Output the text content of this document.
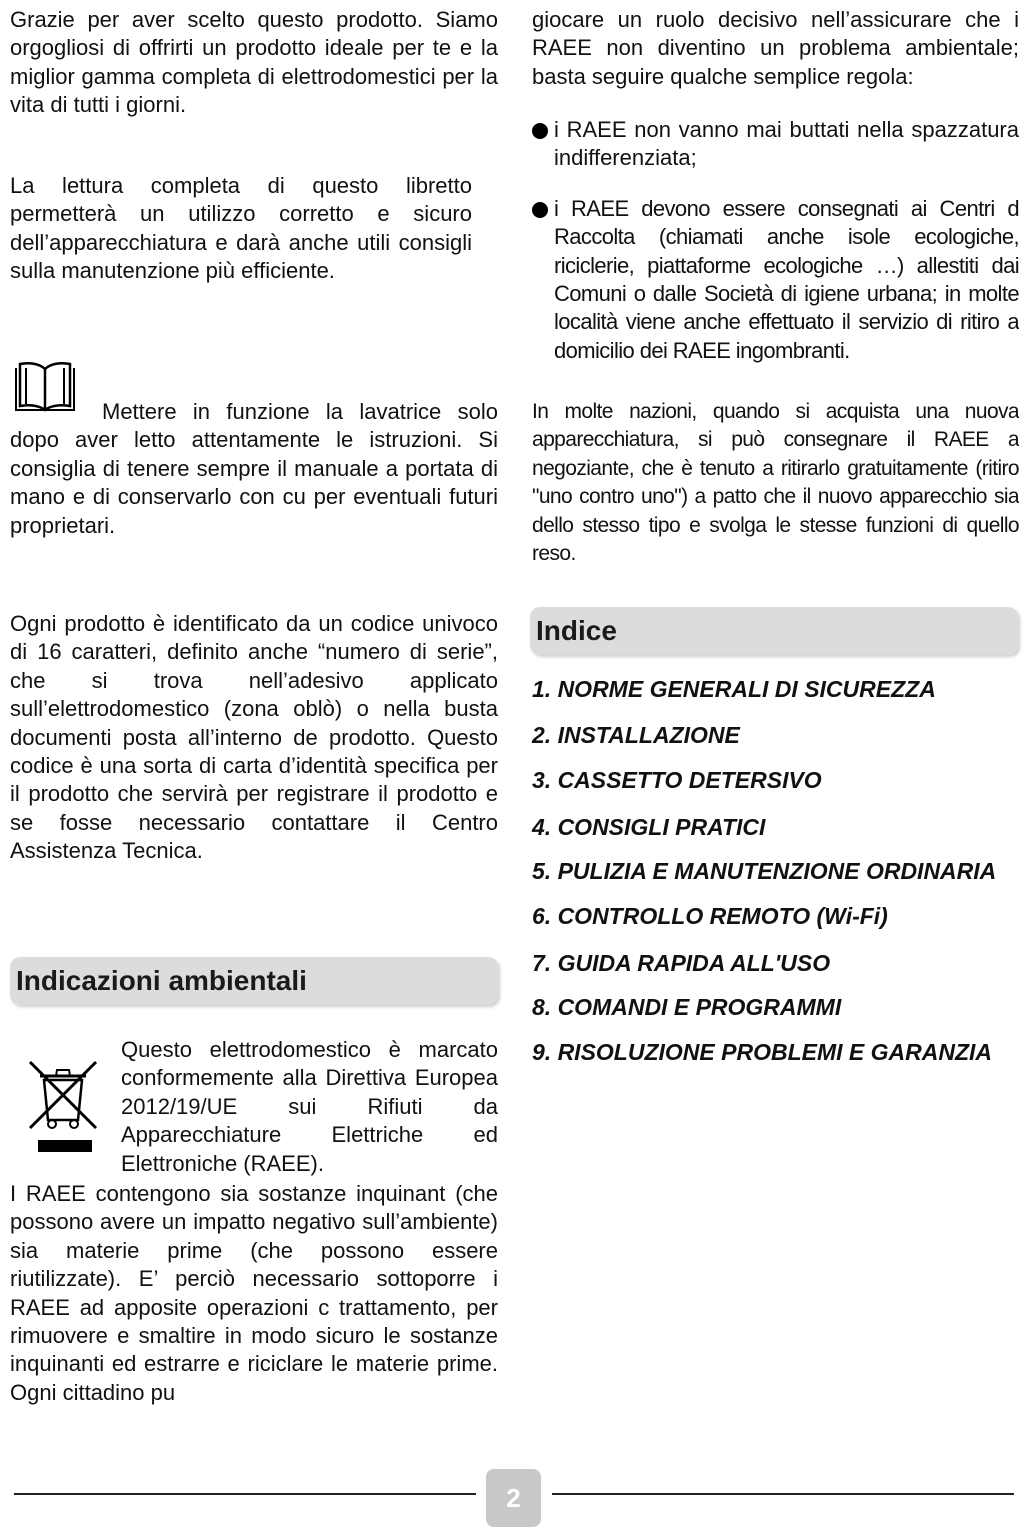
Grazie per aver scelto questo prodotto. Siamo orgogliosi di offrirti un prodotto ideale per te e la miglior gamma completa di elettrodomestici per la vita di tutti i giorni.

La lettura completa di questo libretto permetterà un utilizzo corretto e sicuro dell’apparecchiatura e darà anche utili consigli sulla manutenzione più efficiente.

Mettere in funzione la lavatrice solo dopo aver letto attentamente le istruzioni. Si consiglia di tenere sempre il manuale a portata di mano e di conservarlo con cu per eventuali futuri proprietari.

Ogni prodotto è identificato da un codice univoco di 16 caratteri, definito anche “numero di serie”, che si trova nell’adesivo applicato sull’elettrodomestico (zona oblò) o nella busta documenti posta all’interno de prodotto. Questo codice è una sorta di carta d’identità specifica per il prodotto che servirà per registrare il prodotto e se fosse necessario contattare il Centro Assistenza Tecnica.

Questo elettrodomestico è marcato conformemente alla Direttiva Europea 2012/19/UE sui Rifiuti da Apparecchiature Elettriche ed Elettroniche (RAEE).

I RAEE contengono sia sostanze inquinant (che possono avere un impatto negativo sull’ambiente) sia materie prime (che possono essere riutilizzate). E’ perciò necessario sottoporre i RAEE ad apposite operazioni c trattamento, per rimuovere e smaltire in modo sicuro le sostanze inquinanti ed estrarre e riciclare le materie prime. Ogni cittadino pu

Indicazioni ambientali

giocare un ruolo decisivo nell’assicurare che i RAEE non diventino un problema ambientale; basta seguire qualche semplice regola:

i RAEE non vanno mai buttati nella spazzatura indifferenziata;
i RAEE devono essere consegnati ai Centri d Raccolta (chiamati anche isole ecologiche, riciclerie, piattaforme ecologiche …) allestiti dai Comuni o dalle Società di igiene urbana; in molte località viene anche effettuato il servizio di ritiro a domicilio dei RAEE ingombranti.

In molte nazioni, quando si acquista una nuova apparecchiatura, si può consegnare il RAEE a negoziante, che è tenuto a ritirarlo gratuitamente (ritiro "uno contro uno") a patto che il nuovo apparecchio sia dello stesso tipo e svolga le stesse funzioni di quello reso.

Indice
1. NORME GENERALI DI SICUREZZA
2. INSTALLAZIONE
3. CASSETTO DETERSIVO
4. CONSIGLI PRATICI
5. PULIZIA E MANUTENZIONE ORDINARIA
6. CONTROLLO REMOTO (Wi-Fi)
7. GUIDA RAPIDA ALL'USO
8. COMANDI E PROGRAMMI
9. RISOLUZIONE PROBLEMI E GARANZIA
2
